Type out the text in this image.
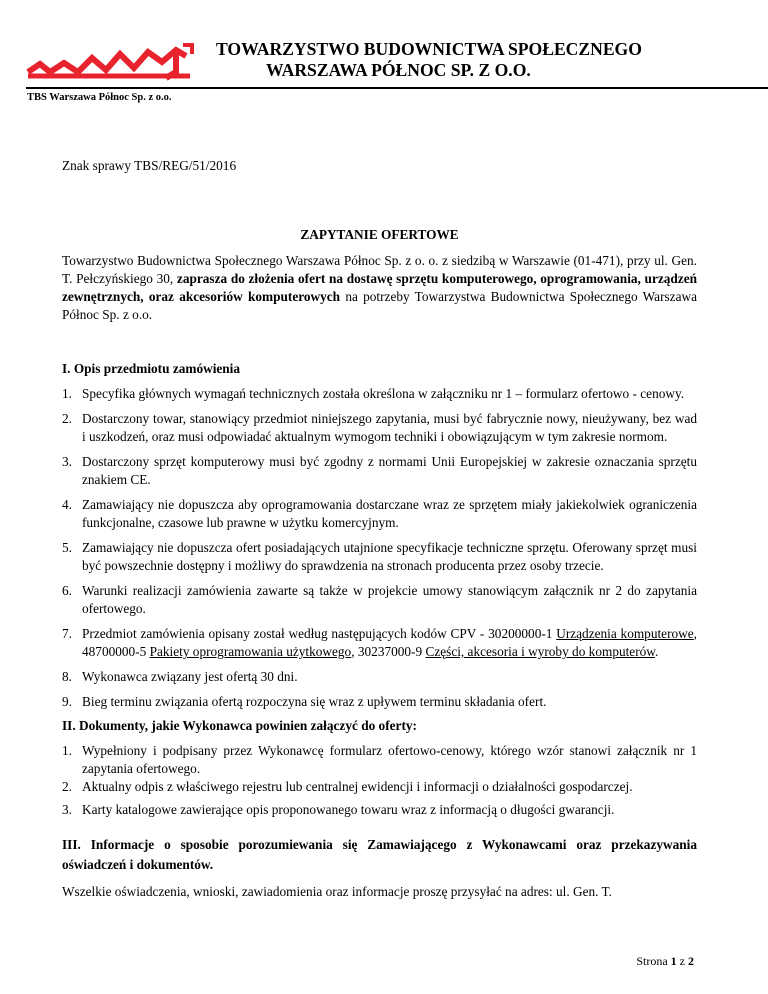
TOWARZYSTWO BUDOWNICTWA SPOŁECZNEGO
WARSZAWA PÓŁNOC SP. Z O.O.
TBS Warszawa Północ Sp. z o.o.

Znak sprawy TBS/REG/51/2016

ZAPYTANIE OFERTOWE

Towarzystwo Budownictwa Społecznego Warszawa Północ Sp. z o. o. z siedzibą w Warszawie (01-471), przy ul. Gen. T. Pełczyńskiego 30, zaprasza do złożenia ofert na dostawę sprzętu komputerowego, oprogramowania, urządzeń zewnętrznych, oraz akcesoriów komputerowych na potrzeby Towarzystwa Budownictwa Społecznego Warszawa Północ Sp. z o.o.

I. Opis przedmiotu zamówienia

1. Specyfika głównych wymagań technicznych została określona w załączniku nr 1 – formularz ofertowo - cenowy.
2. Dostarczony towar, stanowiący przedmiot niniejszego zapytania, musi być fabrycznie nowy, nieużywany, bez wad i uszkodzeń, oraz musi odpowiadać aktualnym wymogom techniki i obowiązującym w tym zakresie normom.
3. Dostarczony sprzęt komputerowy musi być zgodny z normami Unii Europejskiej w zakresie oznaczania sprzętu znakiem CE.
4. Zamawiający nie dopuszcza aby oprogramowania dostarczane wraz ze sprzętem miały jakiekolwiek ograniczenia funkcjonalne, czasowe lub prawne w użytku komercyjnym.
5. Zamawiający nie dopuszcza ofert posiadających utajnione specyfikacje techniczne sprzętu. Oferowany sprzęt musi być powszechnie dostępny i możliwy do sprawdzenia na stronach producenta przez osoby trzecie.
6. Warunki realizacji zamówienia zawarte są także w projekcie umowy stanowiącym załącznik nr 2 do zapytania ofertowego.
7. Przedmiot zamówienia opisany został według następujących kodów CPV - 30200000-1 Urządzenia komputerowe, 48700000-5 Pakiety oprogramowania użytkowego, 30237000-9 Części, akcesoria i wyroby do komputerów.
8. Wykonawca związany jest ofertą 30 dni.
9. Bieg terminu związania ofertą rozpoczyna się wraz z upływem terminu składania ofert.

II. Dokumenty, jakie Wykonawca powinien załączyć do oferty:

1. Wypełniony i podpisany przez Wykonawcę formularz ofertowo-cenowy, którego wzór stanowi załącznik nr 1 zapytania ofertowego.
2. Aktualny odpis z właściwego rejestru lub centralnej ewidencji i informacji o działalności gospodarczej.
3. Karty katalogowe zawierające opis proponowanego towaru wraz z informacją o długości gwarancji.

III. Informacje o sposobie porozumiewania się Zamawiającego z Wykonawcami oraz przekazywania oświadczeń i dokumentów.

Wszelkie oświadczenia, wnioski, zawiadomienia oraz informacje proszę przysyłać na adres: ul. Gen. T.

Strona 1 z 2
